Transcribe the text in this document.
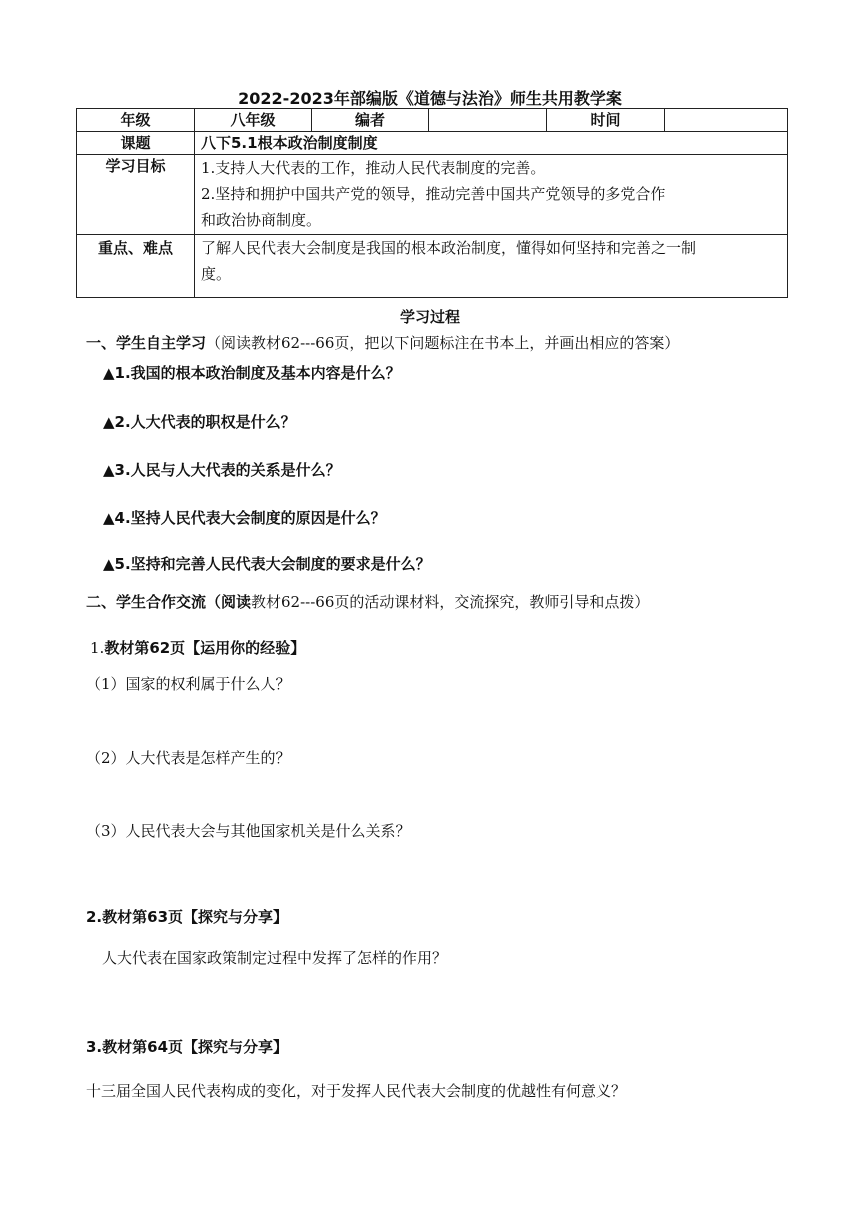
2022-2023年部编版《道德与法治》师生共用教学案
年级	八年级	编者		时间	
课题	八下5.1根本政治制度制度				
学习目标	1.支持人大代表的工作，推动人民代表制度的完善。
2.坚持和拥护中国共产党的领导，推动完善中国共产党领导的多党合作
和政治协商制度。				

重点、难点	了解人民代表大会制度是我国的根本政治制度，懂得如何坚持和完善之一制
度。				
学习过程
一、学生自主学习（阅读教材62---66页，把以下问题标注在书本上，并画出相应的答案）
▲1.我国的根本政治制度及基本内容是什么？
▲2.人大代表的职权是什么？
▲3.人民与人大代表的关系是什么？
▲4.坚持人民代表大会制度的原因是什么？
▲5.坚持和完善人民代表大会制度的要求是什么？
二、学生合作交流（阅读教材62---66页的活动课材料，交流探究，教师引导和点拨）
1.教材第62页【运用你的经验】
（1）国家的权利属于什么人？
（2）人大代表是怎样产生的？
（3）人民代表大会与其他国家机关是什么关系？
2.教材第63页【探究与分享】
人大代表在国家政策制定过程中发挥了怎样的作用？
3.教材第64页【探究与分享】
十三届全国人民代表构成的变化，对于发挥人民代表大会制度的优越性有何意义？
